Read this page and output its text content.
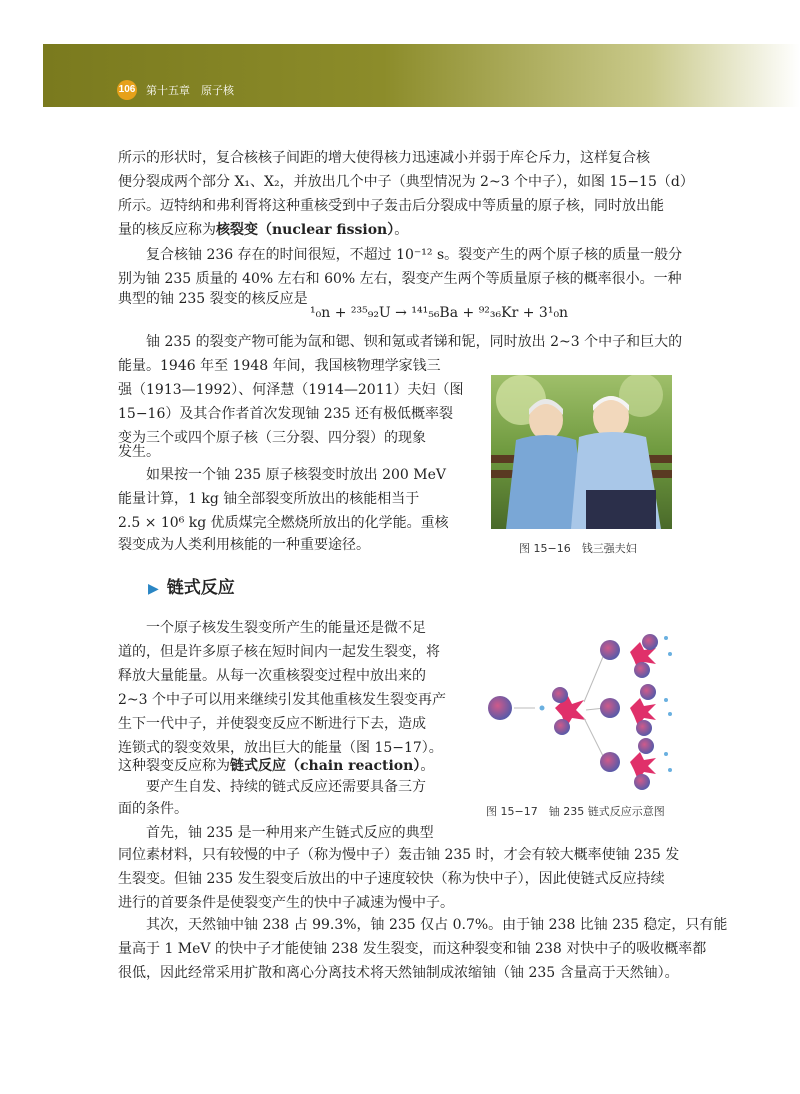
106 第十五章　原子核

所示的形状时，复合核核子间距的增大使得核力迅速减小并弱于库仑斥力，这样复合核

便分裂成两个部分 X₁、X₂，并放出几个中子（典型情况为 2~3 个中子），如图 15−15（d）

所示。迈特纳和弗利胥将这种重核受到中子轰击后分裂成中等质量的原子核，同时放出能

量的核反应称为核裂变（nuclear fission）。

　　复合核铀 236 存在的时间很短，不超过 10⁻¹² s。裂变产生的两个原子核的质量一般分

别为铀 235 质量的 40% 左右和 60% 左右，裂变产生两个等质量原子核的概率很小。一种

典型的铀 235 裂变的核反应是

¹₀n + ²³⁵₉₂U → ¹⁴¹₅₆Ba + ⁹²₃₆Kr + 3¹₀n

　　铀 235 的裂变产物可能为氙和锶、钡和氪或者锑和铌，同时放出 2~3 个中子和巨大的

能量。1946 年至 1948 年间，我国核物理学家钱三

强（1913—1992）、何泽慧（1914—2011）夫妇（图

15−16）及其合作者首次发现铀 235 还有极低概率裂

变为三个或四个原子核（三分裂、四分裂）的现象

发生。

　　如果按一个铀 235 原子核裂变时放出 200 MeV

能量计算，1 kg 铀全部裂变所放出的核能相当于

2.5 × 10⁶ kg 优质煤完全燃烧所放出的化学能。重核

裂变成为人类利用核能的一种重要途径。	图 15−16　钱三强夫妇
▶ 链式反应

　　一个原子核发生裂变所产生的能量还是微不足

道的，但是许多原子核在短时间内一起发生裂变，将

释放大量能量。从每一次重核裂变过程中放出来的

2~3 个中子可以用来继续引发其他重核发生裂变再产

生下一代中子，并使裂变反应不断进行下去，造成

连锁式的裂变效果，放出巨大的能量（图 15−17）。

这种裂变反应称为链式反应（chain reaction）。

　　要产生自发、持续的链式反应还需要具备三方

面的条件。

　　首先，铀 235 是一种用来产生链式反应的典型

图 15−17　铀 235 链式反应示意图

同位素材料，只有较慢的中子（称为慢中子）轰击铀 235 时，才会有较大概率使铀 235 发

生裂变。但铀 235 发生裂变后放出的中子速度较快（称为快中子），因此使链式反应持续

进行的首要条件是使裂变产生的快中子减速为慢中子。

　　其次，天然铀中铀 238 占 99.3%，铀 235 仅占 0.7%。由于铀 238 比铀 235 稳定，只有能

量高于 1 MeV 的快中子才能使铀 238 发生裂变，而这种裂变和铀 238 对快中子的吸收概率都

很低，因此经常采用扩散和离心分离技术将天然铀制成浓缩铀（铀 235 含量高于天然铀）。
